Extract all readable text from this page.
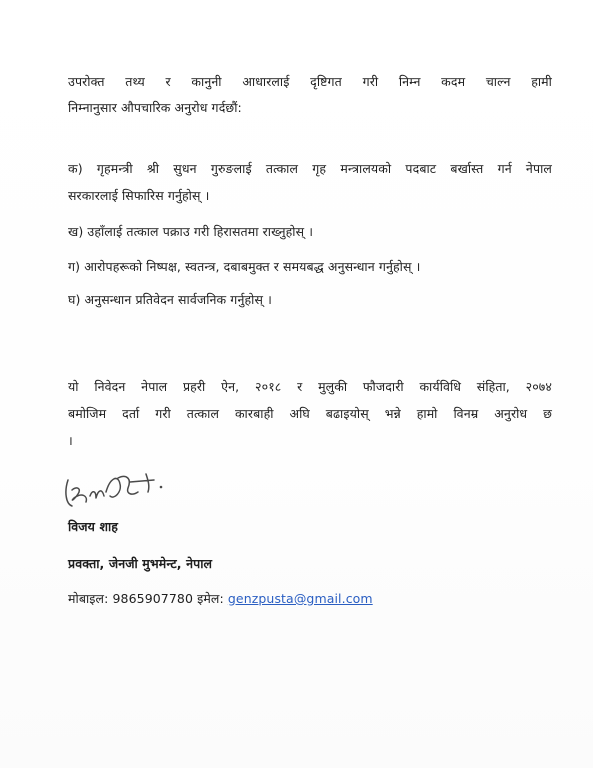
उपरोक्त तथ्य र कानुनी आधारलाई दृष्टिगत गरी निम्न कदम चाल्न हामी
निम्नानुसार औपचारिक अनुरोध गर्दछौं:
क) गृहमन्त्री श्री सुधन गुरुङलाई तत्काल गृह मन्त्रालयको पदबाट बर्खास्त गर्न नेपाल
सरकारलाई सिफारिस गर्नुहोस् ।
ख) उहाँलाई तत्काल पक्राउ गरी हिरासतमा राख्नुहोस् ।
ग) आरोपहरूको निष्पक्ष, स्वतन्त्र, दबाबमुक्त र समयबद्ध अनुसन्धान गर्नुहोस् ।
घ) अनुसन्धान प्रतिवेदन सार्वजनिक गर्नुहोस् ।
यो निवेदन नेपाल प्रहरी ऐन, २०१८ र मुलुकी फौजदारी कार्यविधि संहिता, २०७४
बमोजिम दर्ता गरी तत्काल कारबाही अघि बढाइयोस् भन्ने हामो विनम्र अनुरोध छ
।
विजय शाह
प्रवक्ता, जेनजी मुभमेन्ट, नेपाल
मोबाइल: 9865907780 इमेल: genzpusta@gmail.com
